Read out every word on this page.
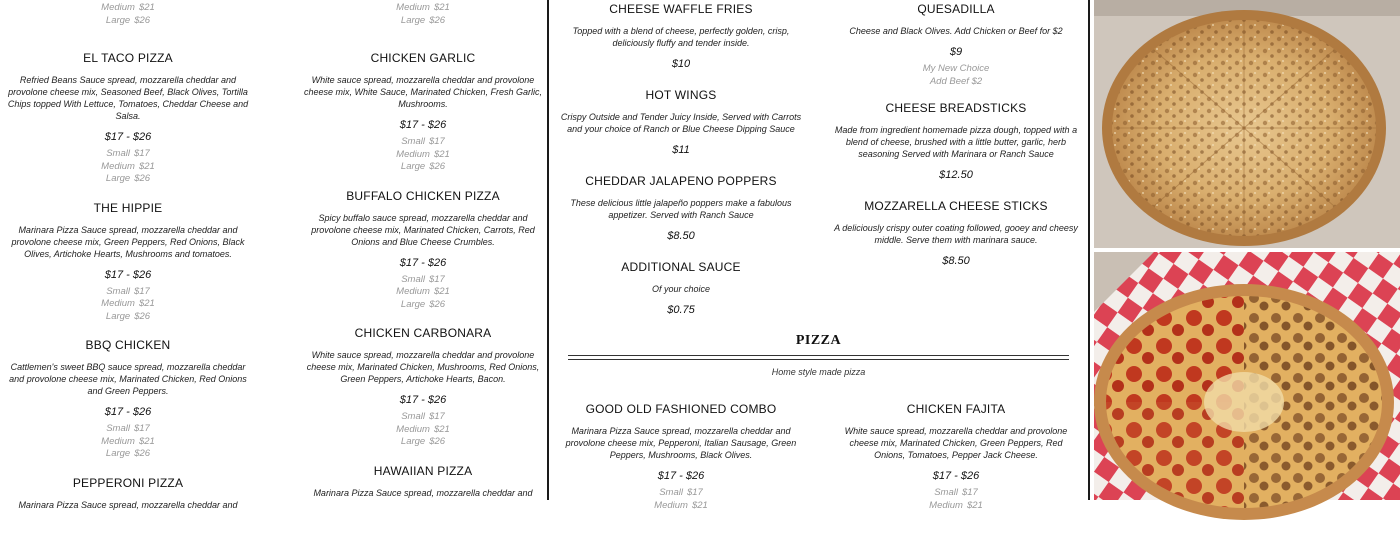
Medium $21
Large $26
EL TACO PIZZA
Refried Beans Sauce spread, mozzarella cheddar and provolone cheese mix, Seasoned Beef, Black Olives, Tortilla Chips topped With Lettuce, Tomatoes, Cheddar Cheese and Salsa.
$17 - $26
Small $17
Medium $21
Large $26
THE HIPPIE
Marinara Pizza Sauce spread, mozzarella cheddar and provolone cheese mix, Green Peppers, Red Onions, Black Olives, Artichoke Hearts, Mushrooms and tomatoes.
$17 - $26
Small $17
Medium $21
Large $26
BBQ CHICKEN
Cattlemen's sweet BBQ sauce spread, mozzarella cheddar and provolone cheese mix, Marinated Chicken, Red Onions and Green Peppers.
$17 - $26
Small $17
Medium $21
Large $26
PEPPERONI PIZZA
Marinara Pizza Sauce spread, mozzarella cheddar and
Medium $21
Large $26
CHICKEN GARLIC
White sauce spread, mozzarella cheddar and provolone cheese mix, White Sauce, Marinated Chicken, Fresh Garlic, Mushrooms.
$17 - $26
Small $17
Medium $21
Large $26
BUFFALO CHICKEN PIZZA
Spicy buffalo sauce spread, mozzarella cheddar and provolone cheese mix, Marinated Chicken, Carrots, Red Onions and Blue Cheese Crumbles.
$17 - $26
Small $17
Medium $21
Large $26
CHICKEN CARBONARA
White sauce spread, mozzarella cheddar and provolone cheese mix, Marinated Chicken, Mushrooms, Red Onions, Green Peppers, Artichoke Hearts, Bacon.
$17 - $26
Small $17
Medium $21
Large $26
HAWAIIAN PIZZA
Marinara Pizza Sauce spread, mozzarella cheddar and
CHEESE WAFFLE FRIES
Topped with a blend of cheese, perfectly golden, crisp, deliciously fluffy and tender inside.
$10
HOT WINGS
Crispy Outside and Tender Juicy Inside, Served with Carrots and your choice of Ranch or Blue Cheese Dipping Sauce
$11
CHEDDAR JALAPENO POPPERS
These delicious little jalapeño poppers make a fabulous appetizer. Served with Ranch Sauce
$8.50
ADDITIONAL SAUCE
Of your choice
$0.75
QUESADILLA
Cheese and Black Olives. Add Chicken or Beef for $2
$9
My New Choice
Add Beef $2
CHEESE BREADSTICKS
Made from ingredient homemade pizza dough, topped with a blend of cheese, brushed with a little butter, garlic, herb seasoning Served with Marinara or Ranch Sauce
$12.50
MOZZARELLA CHEESE STICKS
A deliciously crispy outer coating followed, gooey and cheesy middle. Serve them with marinara sauce.
$8.50
PIZZA
Home style made pizza
GOOD OLD FASHIONED COMBO
Marinara Pizza Sauce spread, mozzarella cheddar and provolone cheese mix, Pepperoni, Italian Sausage, Green Peppers, Mushrooms, Black Olives.
$17 - $26
Small $17
Medium $21
CHICKEN FAJITA
White sauce spread, mozzarella cheddar and provolone cheese mix, Marinated Chicken, Green Peppers, Red Onions, Tomatoes, Pepper Jack Cheese.
$17 - $26
Small $17
Medium $21
